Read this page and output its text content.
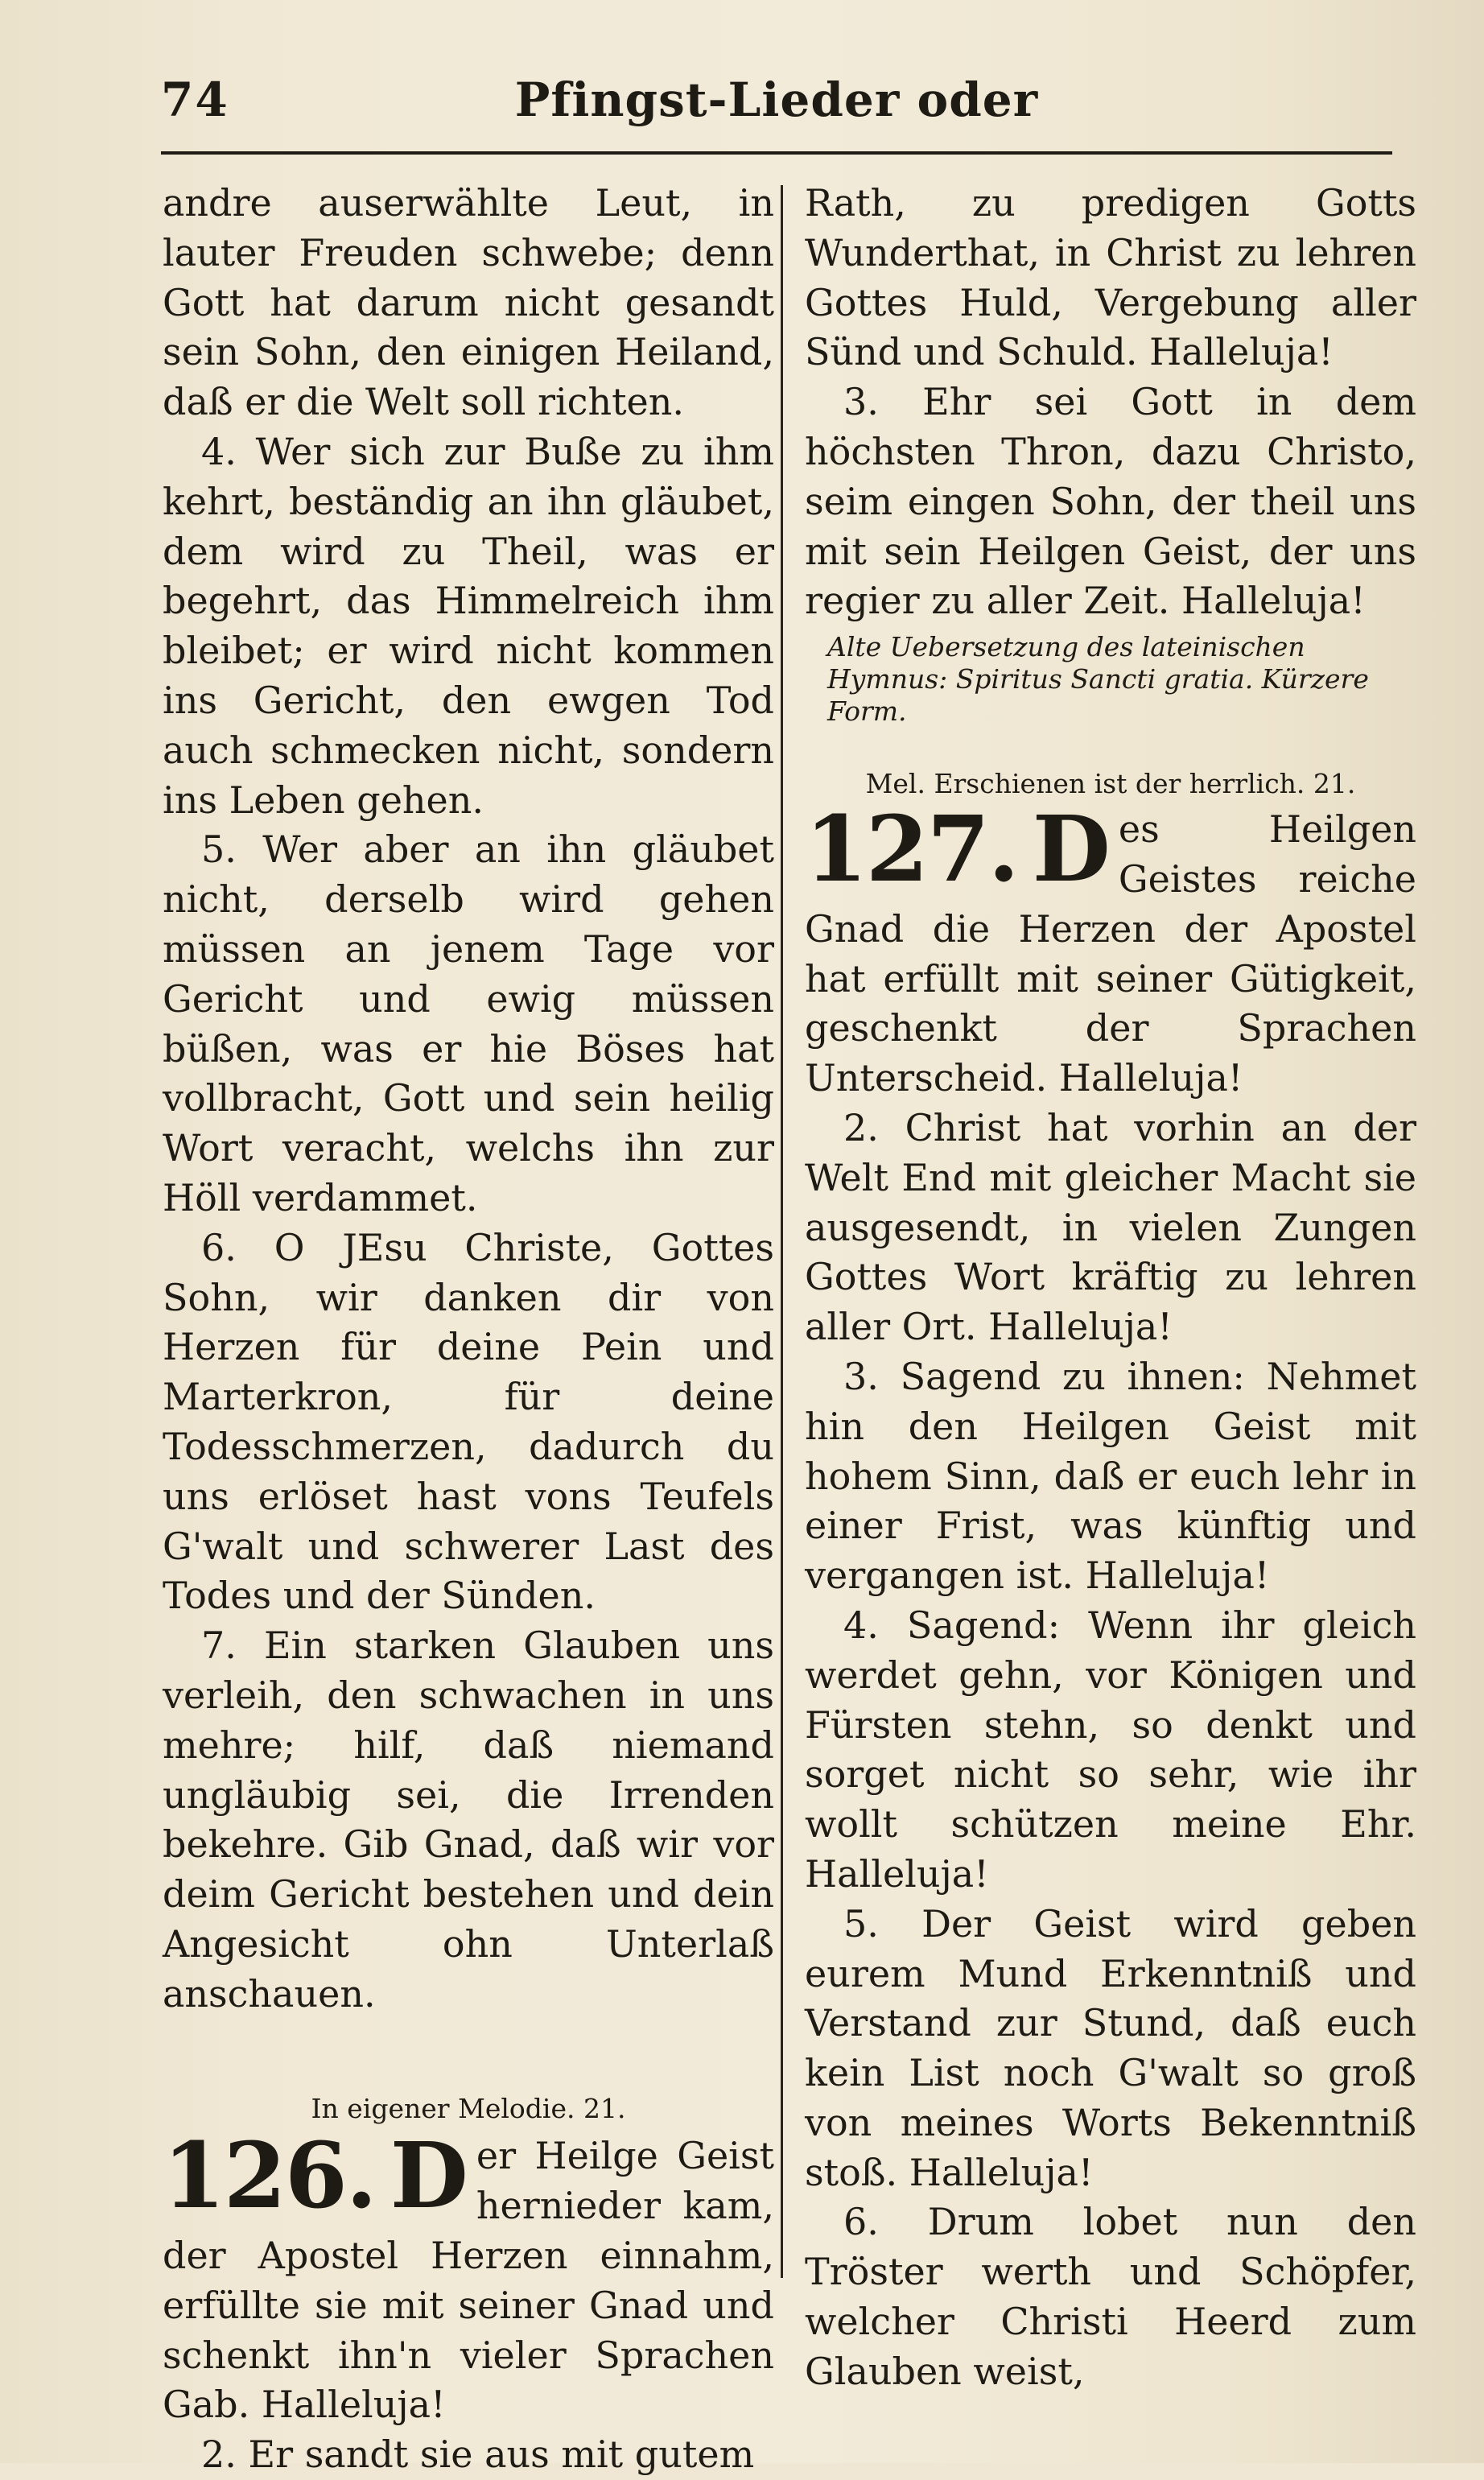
Pfingst-Lieder oder
74

andre auserwählte Leut, in lauter Freuden schwebe; denn Gott hat darum nicht gesandt sein Sohn, den einigen Heiland, daß er die Welt soll richten.

4. Wer sich zur Buße zu ihm kehrt, beständig an ihn gläubet, dem wird zu Theil, was er begehrt, das Himmelreich ihm bleibet; er wird nicht kommen ins Gericht, den ewgen Tod auch schmecken nicht, sondern ins Leben gehen.

5. Wer aber an ihn gläubet nicht, derselb wird gehen müssen an jenem Tage vor Gericht und ewig müssen büßen, was er hie Böses hat vollbracht, Gott und sein heilig Wort veracht, welchs ihn zur Höll verdammet.

6. O JEsu Christe, Gottes Sohn, wir danken dir von Herzen für deine Pein und Marterkron, für deine Todesschmerzen, dadurch du uns erlöset hast vons Teufels G'walt und schwerer Last des Todes und der Sünden.

7. Ein starken Glauben uns verleih, den schwachen in uns mehre; hilf, daß niemand ungläubig sei, die Irrenden bekehre. Gib Gnad, daß wir vor deim Gericht bestehen und dein Angesicht ohn Unterlaß anschauen.

In eigener Melodie. 21.

126. D er Heilge Geist hernieder kam, der Apostel Herzen einnahm, erfüllte sie mit seiner Gnad und schenkt ihn'n vieler Sprachen Gab. Halleluja!

2. Er sandt sie aus mit gutem

Rath, zu predigen Gotts Wunderthat, in Christ zu lehren Gottes Huld, Vergebung aller Sünd und Schuld. Halleluja!

3. Ehr sei Gott in dem höchsten Thron, dazu Christo, seim eingen Sohn, der theil uns mit sein Heilgen Geist, der uns regier zu aller Zeit. Halleluja!

Alte Uebersetzung des lateinischen Hymnus: Spiritus Sancti gratia. Kürzere Form.

Mel. Erschienen ist der herrlich. 21.

127. D es Heilgen Geistes reiche Gnad die Herzen der Apostel hat erfüllt mit seiner Gütigkeit, geschenkt der Sprachen Unterscheid. Halleluja!

2. Christ hat vorhin an der Welt End mit gleicher Macht sie ausgesendt, in vielen Zungen Gottes Wort kräftig zu lehren aller Ort. Halleluja!

3. Sagend zu ihnen: Nehmet hin den Heilgen Geist mit hohem Sinn, daß er euch lehr in einer Frist, was künftig und vergangen ist. Halleluja!

4. Sagend: Wenn ihr gleich werdet gehn, vor Königen und Fürsten stehn, so denkt und sorget nicht so sehr, wie ihr wollt schützen meine Ehr. Halleluja!

5. Der Geist wird geben eurem Mund Erkenntniß und Verstand zur Stund, daß euch kein List noch G'walt so groß von meines Worts Bekenntniß stoß. Halleluja!

6. Drum lobet nun den Tröster werth und Schöpfer, welcher Christi Heerd zum Glauben weist,
